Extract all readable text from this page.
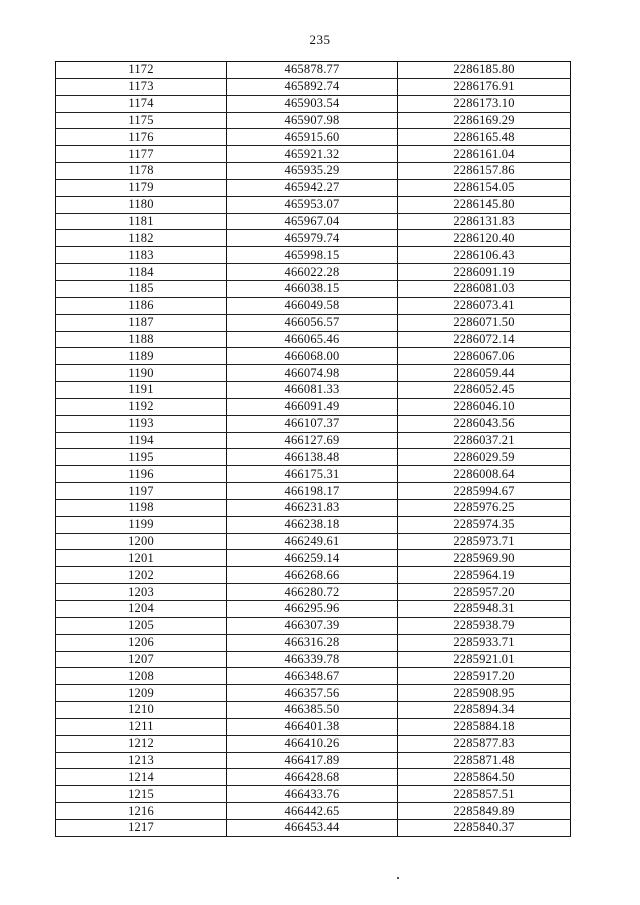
235
1172	465878.77	2286185.80
1173	465892.74	2286176.91
1174	465903.54	2286173.10
1175	465907.98	2286169.29
1176	465915.60	2286165.48
1177	465921.32	2286161.04
1178	465935.29	2286157.86
1179	465942.27	2286154.05
1180	465953.07	2286145.80
1181	465967.04	2286131.83
1182	465979.74	2286120.40
1183	465998.15	2286106.43
1184	466022.28	2286091.19
1185	466038.15	2286081.03
1186	466049.58	2286073.41
1187	466056.57	2286071.50
1188	466065.46	2286072.14
1189	466068.00	2286067.06
1190	466074.98	2286059.44
1191	466081.33	2286052.45
1192	466091.49	2286046.10
1193	466107.37	2286043.56
1194	466127.69	2286037.21
1195	466138.48	2286029.59
1196	466175.31	2286008.64
1197	466198.17	2285994.67
1198	466231.83	2285976.25
1199	466238.18	2285974.35
1200	466249.61	2285973.71
1201	466259.14	2285969.90
1202	466268.66	2285964.19
1203	466280.72	2285957.20
1204	466295.96	2285948.31
1205	466307.39	2285938.79
1206	466316.28	2285933.71
1207	466339.78	2285921.01
1208	466348.67	2285917.20
1209	466357.56	2285908.95
1210	466385.50	2285894.34
1211	466401.38	2285884.18
1212	466410.26	2285877.83
1213	466417.89	2285871.48
1214	466428.68	2285864.50
1215	466433.76	2285857.51
1216	466442.65	2285849.89
1217	466453.44	2285840.37
